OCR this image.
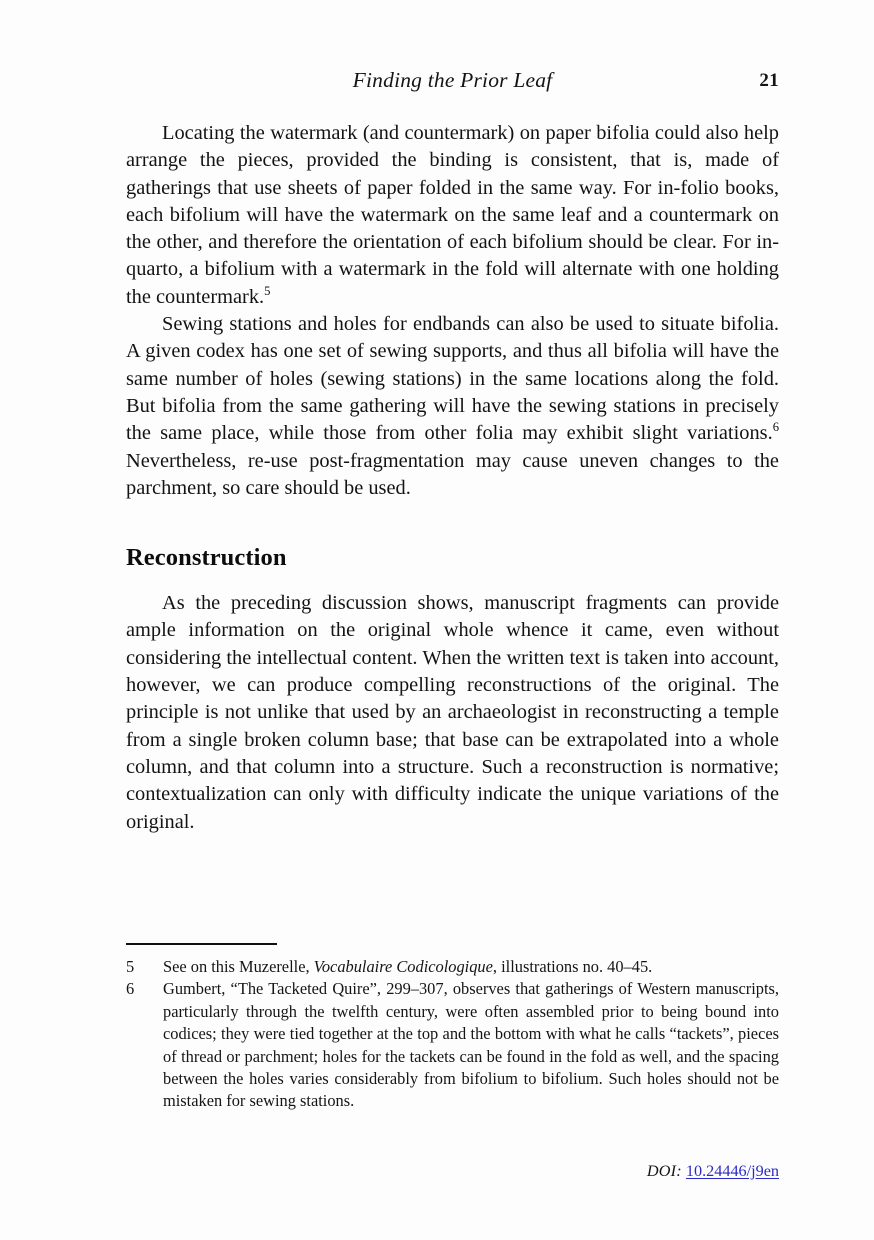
Finding the Prior Leaf	21

Locating the watermark (and countermark) on paper bifolia could also help arrange the pieces, provided the binding is consistent, that is, made of gatherings that use sheets of paper folded in the same way. For in-folio books, each bifolium will have the watermark on the same leaf and a countermark on the other, and therefore the orientation of each bifolium should be clear. For in-quarto, a bifolium with a watermark in the fold will alternate with one holding the countermark.$^5$

Sewing stations and holes for endbands can also be used to situate bifolia. A given codex has one set of sewing supports, and thus all bifolia will have the same number of holes (sewing stations) in the same locations along the fold. But bifolia from the same gathering will have the sewing stations in precisely the same place, while those from other folia may exhibit slight variations.$^6$ Nevertheless, re-use post-fragmentation may cause uneven changes to the parchment, so care should be used.

Reconstruction

As the preceding discussion shows, manuscript fragments can provide ample information on the original whole whence it came, even without considering the intellectual content. When the written text is taken into account, however, we can produce compelling reconstructions of the original. The principle is not unlike that used by an archaeologist in reconstructing a temple from a single broken column base; that base can be extrapolated into a whole column, and that column into a structure. Such a reconstruction is normative; contextualization can only with difficulty indicate the unique variations of the original.

5	See on this Muzerelle, Vocabulaire Codicologique, illustrations no. 40–45.
6	Gumbert, “The Tacketed Quire”, 299–307, observes that gatherings of Western manuscripts, particularly through the twelfth century, were often assembled prior to being bound into codices; they were tied together at the top and the bottom with what he calls “tackets”, pieces of thread or parchment; holes for the tackets can be found in the fold as well, and the spacing between the holes varies considerably from bifolium to bifolium. Such holes should not be mistaken for sewing stations.
DOI: 10.24446/j9en
